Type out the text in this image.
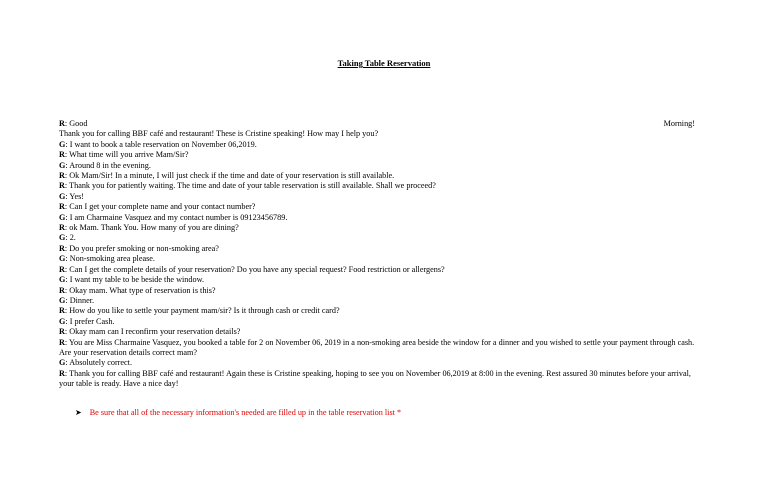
Taking Table Reservation
R: Good	Morning!
Thank you for calling BBF café and restaurant! These is Cristine speaking! How may I help you?
G: I want to book a table reservation on November 06,2019.
R: What time will you arrive Mam/Sir?
G: Around 8 in the evening.
R: Ok Mam/Sir! In a minute, I will just check if the time and date of your reservation is still available.
R: Thank you for patiently waiting. The time and date of your table reservation is still available. Shall we proceed?
G: Yes!
R: Can I get your complete name and your contact number?
G: I am Charmaine Vasquez and my contact number is 09123456789.
R: ok Mam. Thank You. How many of you are dining?
G: 2.
R: Do you prefer smoking or non-smoking area?
G: Non-smoking area please.
R: Can I get the complete details of your reservation? Do you have any special request? Food restriction or allergens?
G: I want my table to be beside the window.
R: Okay mam. What type of reservation is this?
G: Dinner.
R: How do you like to settle your payment mam/sir? Is it through cash or credit card?
G: I prefer Cash.
R: Okay mam can I reconfirm your reservation details?
R: You are Miss Charmaine Vasquez, you booked a table for 2 on November 06, 2019 in a non-smoking area beside the window for a dinner and you wished to settle your payment through cash. Are your reservation details correct mam?
G: Absolutely correct.
R: Thank you for calling BBF café and restaurant! Again these is Cristine speaking, hoping to see you on November 06,2019 at 8:00 in the evening. Rest assured 30 minutes before your arrival, your table is ready. Have a nice day!
➤ Be sure that all of the necessary information's needed are filled up in the table reservation list *
